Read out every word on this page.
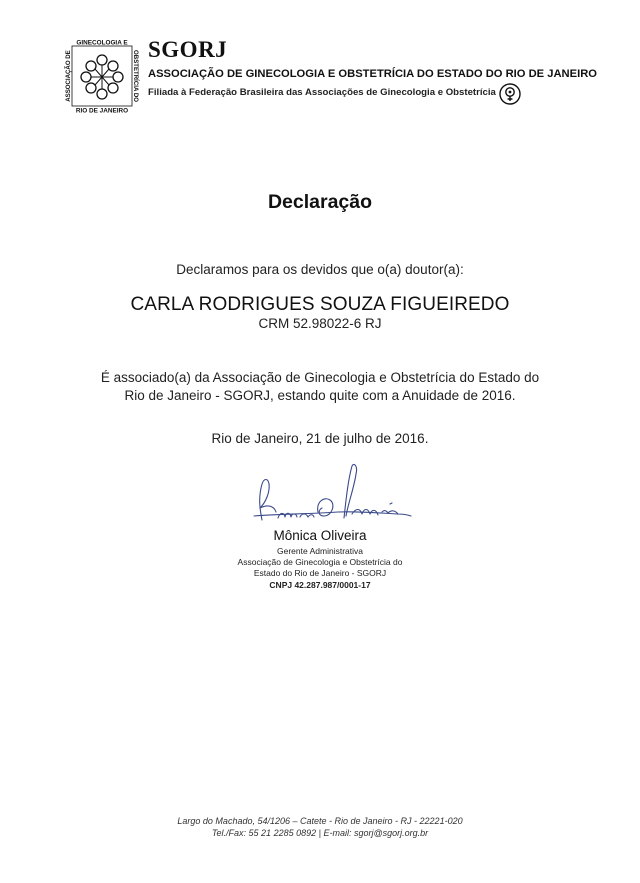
GINECOLOGIA E
RIO DE JANEIRO
ASSOCIAÇÃO DE	OBSTETRÍCIA DO
SGORJ
ASSOCIAÇÃO DE GINECOLOGIA E OBSTETRÍCIA DO ESTADO DO RIO DE JANEIRO
Filiada à Federação Brasileira das Associações de Ginecologia e Obstetrícia
Declaração
Declaramos para os devidos que o(a) doutor(a):
CARLA RODRIGUES SOUZA FIGUEIREDO
CRM 52.98022-6 RJ
É associado(a) da Associação de Ginecologia e Obstetrícia do Estado do
Rio de Janeiro - SGORJ, estando quite com a Anuidade de 2016.
Rio de Janeiro, 21 de julho de 2016.
Mônica Oliveira
Gerente Administrativa
Associação de Ginecologia e Obstetrícia do
Estado do Rio de Janeiro - SGORJ
CNPJ 42.287.987/0001-17
Largo do Machado, 54/1206 – Catete - Rio de Janeiro - RJ - 22221-020
Tel./Fax: 55 21 2285 0892 | E-mail: sgorj@sgorj.org.br
